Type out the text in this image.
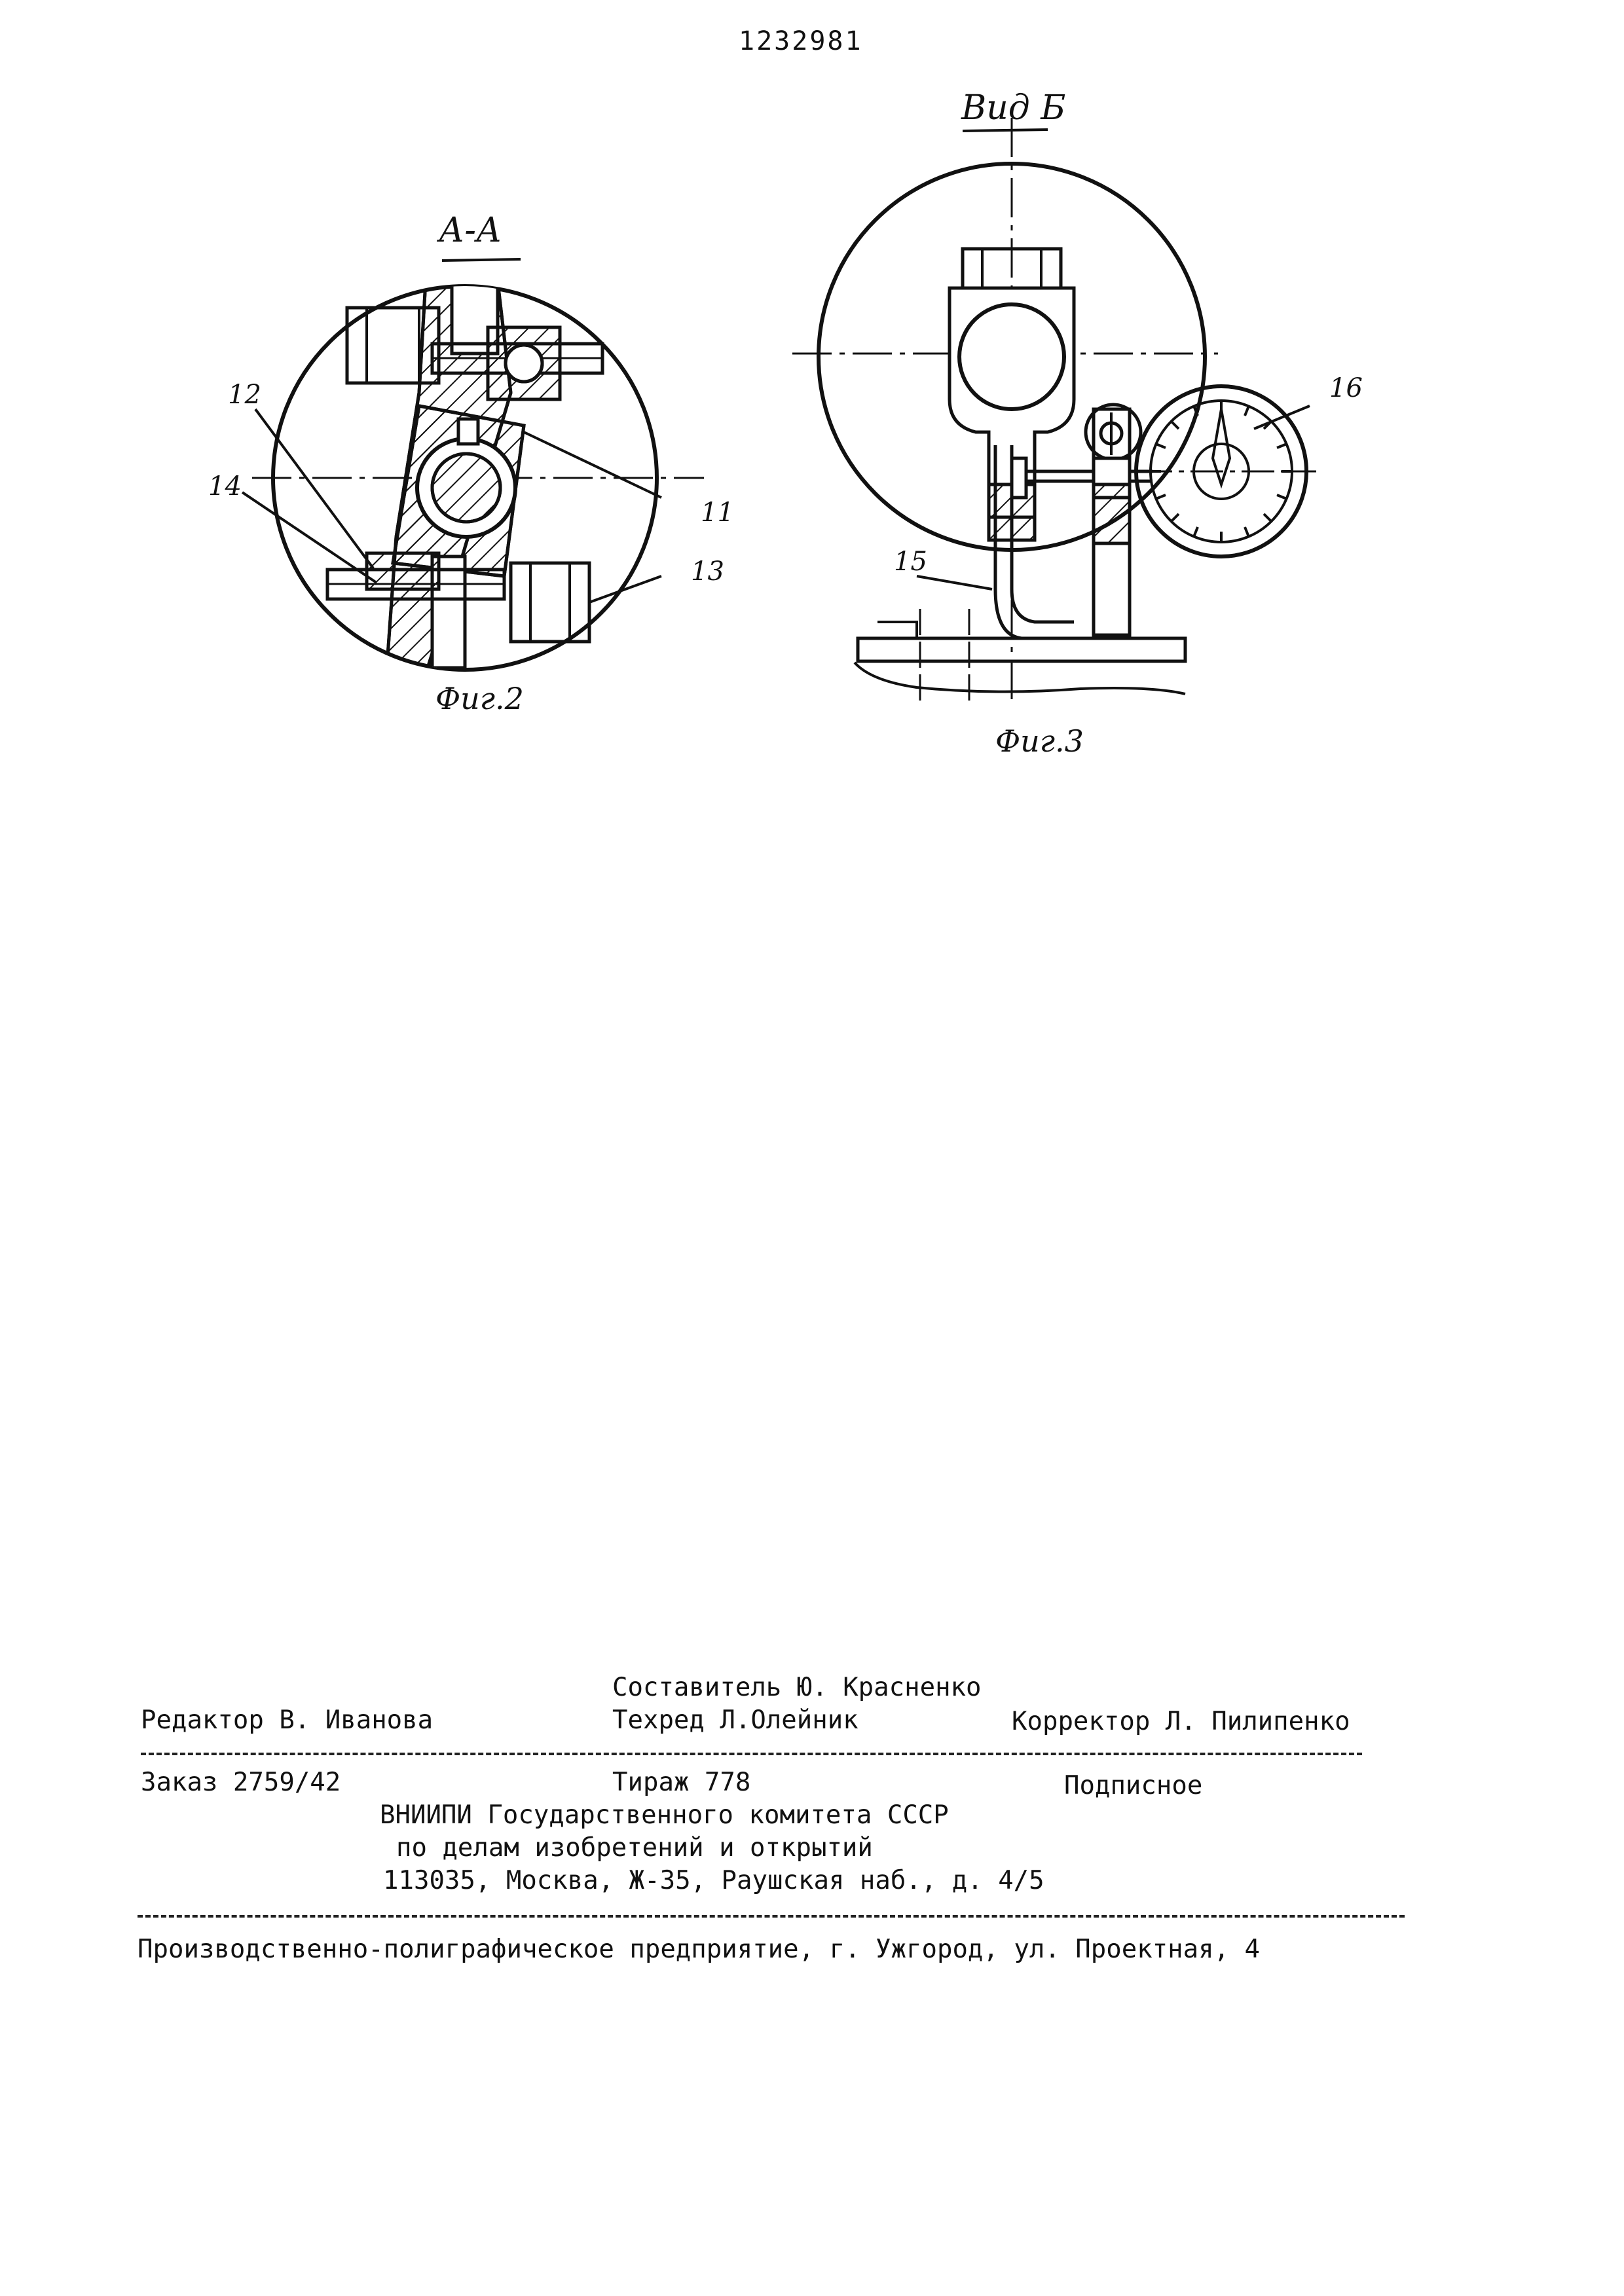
1232981
А-А
12
14
11
13
Фиг.2
Вид Б
16
15
Фиг.3
Составитель Ю. Красненко
Редактор В. Иванова	Техред Л.Олейник	Корректор Л. Пилипенко
Заказ 2759/42	Тираж 778	Подписное
ВНИИПИ Государственного комитета СССР
по делам изобретений и открытий
113035, Москва, Ж-35, Раушская наб., д. 4/5
Производственно-полиграфическое предприятие, г. Ужгород, ул. Проектная, 4
